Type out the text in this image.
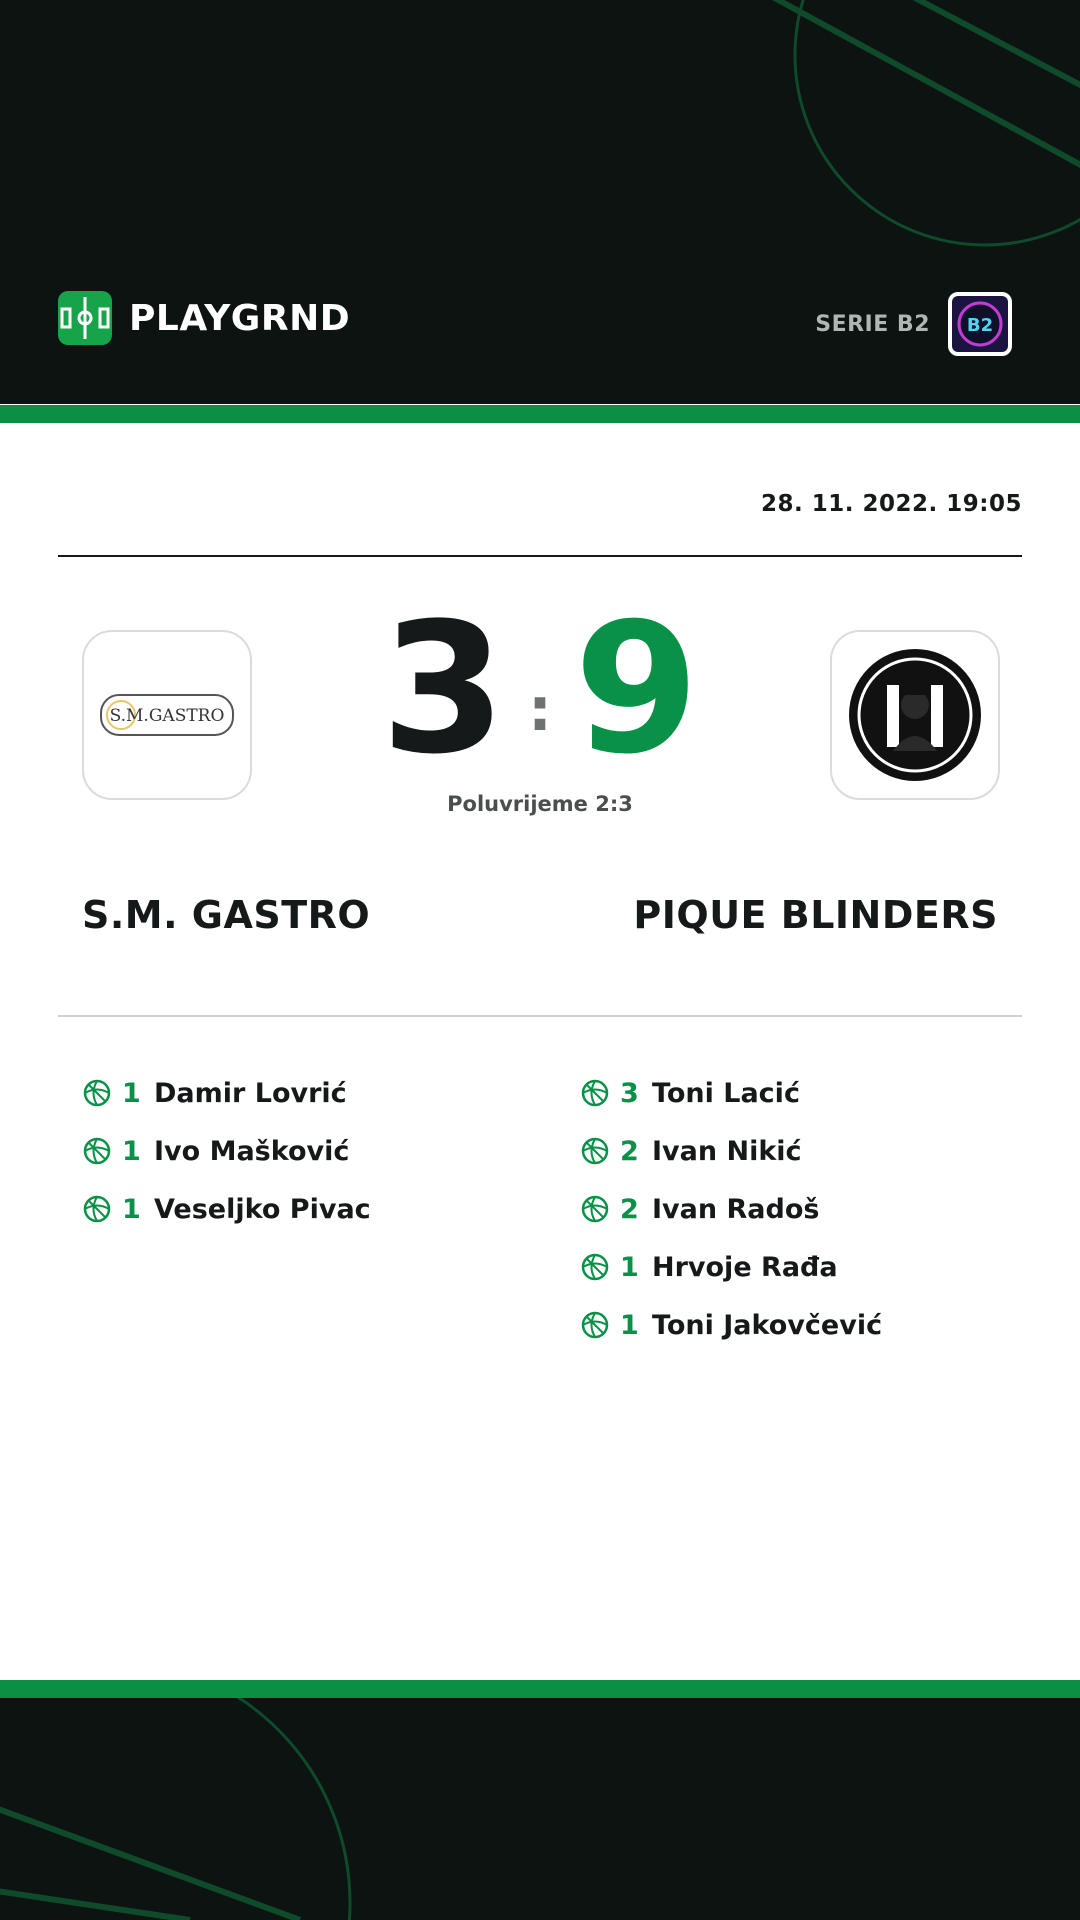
PLAYGRND	SERIE B2 B2
28. 11. 2022. 19:05
S.M.GASTRO 3 : 9
Poluvrijeme 2:3
S.M. GASTRO	PIQUE BLINDERS
1 Damir Lovrić
1 Ivo Mašković
1 Veseljko Pivac
3 Toni Lacić
2 Ivan Nikić
2 Ivan Radoš
1 Hrvoje Rađa
1 Toni Jakovčević
